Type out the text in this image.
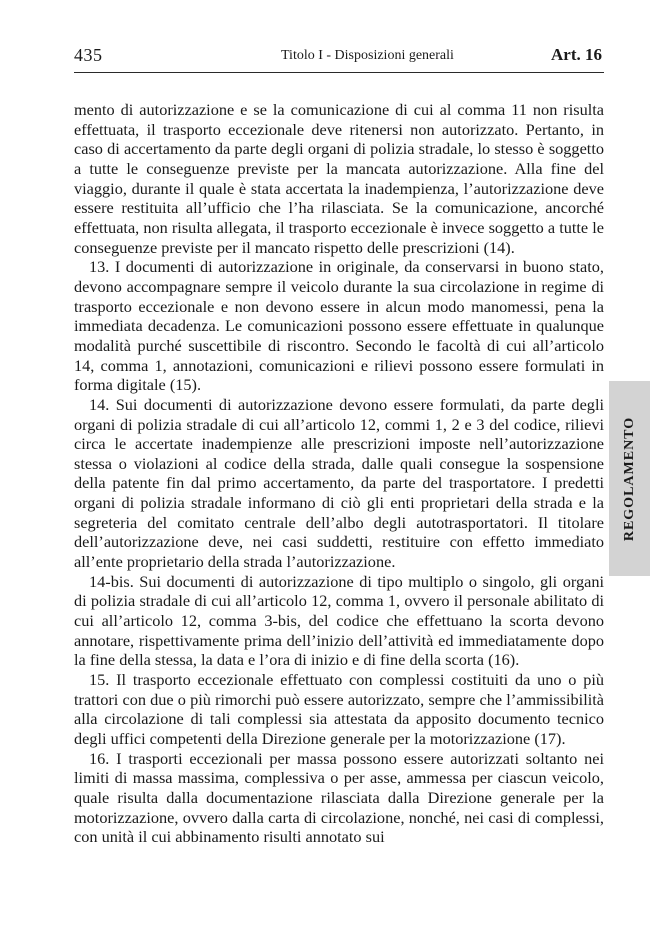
435	Titolo I - Disposizioni generali	Art. 16

mento di autorizzazione e se la comunicazione di cui al comma 11 non risulta effettuata, il trasporto eccezionale deve ritenersi non autorizzato. Pertanto, in caso di accertamento da parte degli organi di polizia stradale, lo stesso è soggetto a tutte le conseguenze previste per la mancata autorizzazione. Alla fine del viaggio, durante il quale è stata accertata la inadempienza, l’autorizzazione deve essere restituita all’ufficio che l’ha rilasciata. Se la comunicazione, ancorché effettuata, non risulta allegata, il trasporto eccezionale è invece soggetto a tutte le conseguenze previste per il mancato rispetto delle prescrizioni (14).

13. I documenti di autorizzazione in originale, da conservarsi in buono stato, devono accompagnare sempre il veicolo durante la sua circolazione in regime di trasporto eccezionale e non devono essere in alcun modo manomessi, pena la immediata decadenza. Le comunicazioni possono essere effettuate in qualunque modalità purché suscettibile di riscontro. Secondo le facoltà di cui all’articolo 14, comma 1, annotazioni, comunicazioni e rilievi possono essere formulati in forma digitale (15).

14. Sui documenti di autorizzazione devono essere formulati, da parte degli organi di polizia stradale di cui all’articolo 12, commi 1, 2 e 3 del codice, rilievi circa le accertate inadempienze alle prescrizioni imposte nell’autorizzazione stessa o violazioni al codice della strada, dalle quali consegue la sospensione della patente fin dal primo accertamento, da parte del trasportatore. I predetti organi di polizia stradale informano di ciò gli enti proprietari della strada e la segreteria del comitato centrale dell’albo degli autotrasportatori. Il titolare dell’autorizzazione deve, nei casi suddetti, restituire con effetto immediato all’ente proprietario della strada l’autorizzazione.

14-bis. Sui documenti di autorizzazione di tipo multiplo o singolo, gli organi di polizia stradale di cui all’articolo 12, comma 1, ovvero il personale abilitato di cui all’articolo 12, comma 3-bis, del codice che effettuano la scorta devono annotare, rispettivamente prima dell’inizio dell’attività ed immediatamente dopo la fine della stessa, la data e l’ora di inizio e di fine della scorta (16).

15. Il trasporto eccezionale effettuato con complessi costituiti da uno o più trattori con due o più rimorchi può essere autorizzato, sempre che l’ammissibilità alla circolazione di tali complessi sia attestata da apposito documento tecnico degli uffici competenti della Direzione generale per la motorizzazione (17).

16. I trasporti eccezionali per massa possono essere autorizzati soltanto nei limiti di massa massima, complessiva o per asse, ammessa per ciascun veicolo, quale risulta dalla documentazione rilasciata dalla Direzione generale per la motorizzazione, ovvero dalla carta di circolazione, nonché, nei casi di complessi, con unità il cui abbinamento risulti annotato sui

REGOLAMENTO
